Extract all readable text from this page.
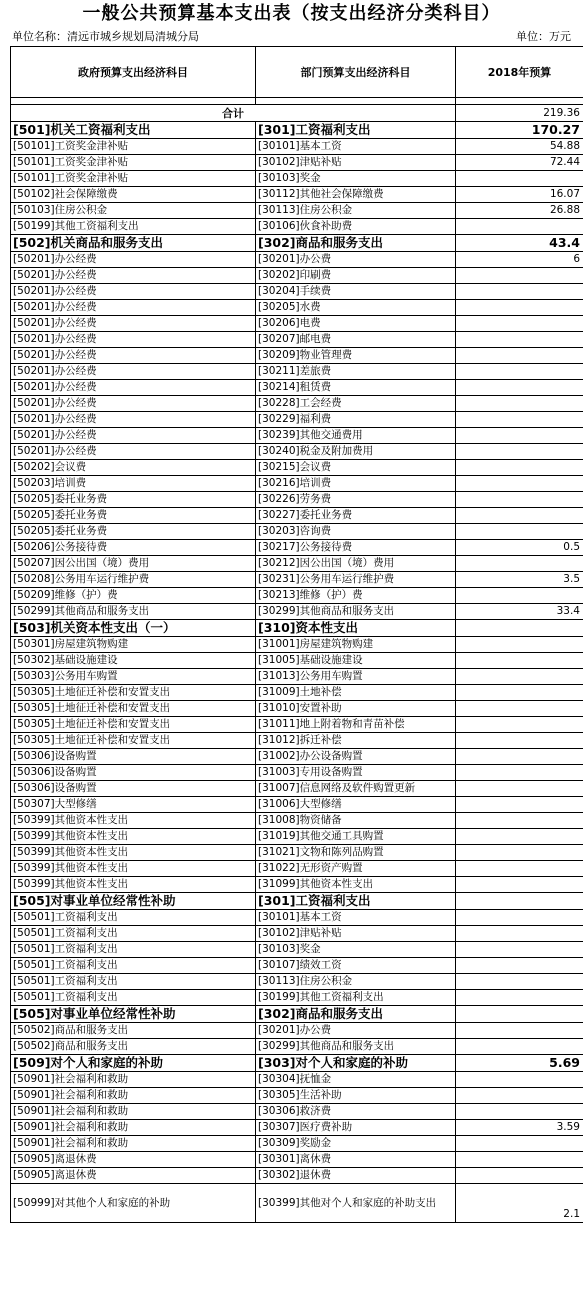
一般公共预算基本支出表（按支出经济分类科目）
单位名称：清远市城乡规划局清城分局	单位：万元
政府预算支出经济科目	部门预算支出经济科目	2018年预算

合计		219.36
[501]机关工资福利支出	[301]工资福利支出	170.27
[50101]工资奖金津补贴	[30101]基本工资	54.88
[50101]工资奖金津补贴	[30102]津贴补贴	72.44
[50101]工资奖金津补贴	[30103]奖金	
[50102]社会保障缴费	[30112]其他社会保障缴费	16.07
[50103]住房公积金	[30113]住房公积金	26.88
[50199]其他工资福利支出	[30106]伙食补助费	
[502]机关商品和服务支出	[302]商品和服务支出	43.4
[50201]办公经费	[30201]办公费	6
[50201]办公经费	[30202]印刷费	
[50201]办公经费	[30204]手续费	
[50201]办公经费	[30205]水费	
[50201]办公经费	[30206]电费	
[50201]办公经费	[30207]邮电费	
[50201]办公经费	[30209]物业管理费	
[50201]办公经费	[30211]差旅费	
[50201]办公经费	[30214]租赁费	
[50201]办公经费	[30228]工会经费	
[50201]办公经费	[30229]福利费	
[50201]办公经费	[30239]其他交通费用	
[50201]办公经费	[30240]税金及附加费用	
[50202]会议费	[30215]会议费	
[50203]培训费	[30216]培训费	
[50205]委托业务费	[30226]劳务费	
[50205]委托业务费	[30227]委托业务费	
[50205]委托业务费	[30203]咨询费	
[50206]公务接待费	[30217]公务接待费	0.5
[50207]因公出国（境）费用	[30212]因公出国（境）费用	
[50208]公务用车运行维护费	[30231]公务用车运行维护费	3.5
[50209]维修（护）费	[30213]维修（护）费	
[50299]其他商品和服务支出	[30299]其他商品和服务支出	33.4
[503]机关资本性支出（一）	[310]资本性支出	
[50301]房屋建筑物购建	[31001]房屋建筑物购建	
[50302]基础设施建设	[31005]基础设施建设	
[50303]公务用车购置	[31013]公务用车购置	
[50305]土地征迁补偿和安置支出	[31009]土地补偿	
[50305]土地征迁补偿和安置支出	[31010]安置补助	
[50305]土地征迁补偿和安置支出	[31011]地上附着物和青苗补偿	
[50305]土地征迁补偿和安置支出	[31012]拆迁补偿	
[50306]设备购置	[31002]办公设备购置	
[50306]设备购置	[31003]专用设备购置	
[50306]设备购置	[31007]信息网络及软件购置更新	
[50307]大型修缮	[31006]大型修缮	
[50399]其他资本性支出	[31008]物资储备	
[50399]其他资本性支出	[31019]其他交通工具购置	
[50399]其他资本性支出	[31021]文物和陈列品购置	
[50399]其他资本性支出	[31022]无形资产购置	
[50399]其他资本性支出	[31099]其他资本性支出	
[505]对事业单位经常性补助	[301]工资福利支出	
[50501]工资福利支出	[30101]基本工资	
[50501]工资福利支出	[30102]津贴补贴	
[50501]工资福利支出	[30103]奖金	
[50501]工资福利支出	[30107]绩效工资	
[50501]工资福利支出	[30113]住房公积金	
[50501]工资福利支出	[30199]其他工资福利支出	
[505]对事业单位经常性补助	[302]商品和服务支出	
[50502]商品和服务支出	[30201]办公费	
[50502]商品和服务支出	[30299]其他商品和服务支出	
[509]对个人和家庭的补助	[303]对个人和家庭的补助	5.69
[50901]社会福利和救助	[30304]抚恤金	
[50901]社会福利和救助	[30305]生活补助	
[50901]社会福利和救助	[30306]救济费	
[50901]社会福利和救助	[30307]医疗费补助	3.59
[50901]社会福利和救助	[30309]奖励金	
[50905]离退休费	[30301]离休费	
[50905]离退休费	[30302]退休费	
[50999]对其他个人和家庭的补助	[30399]其他对个人和家庭的补助支出	2.1
